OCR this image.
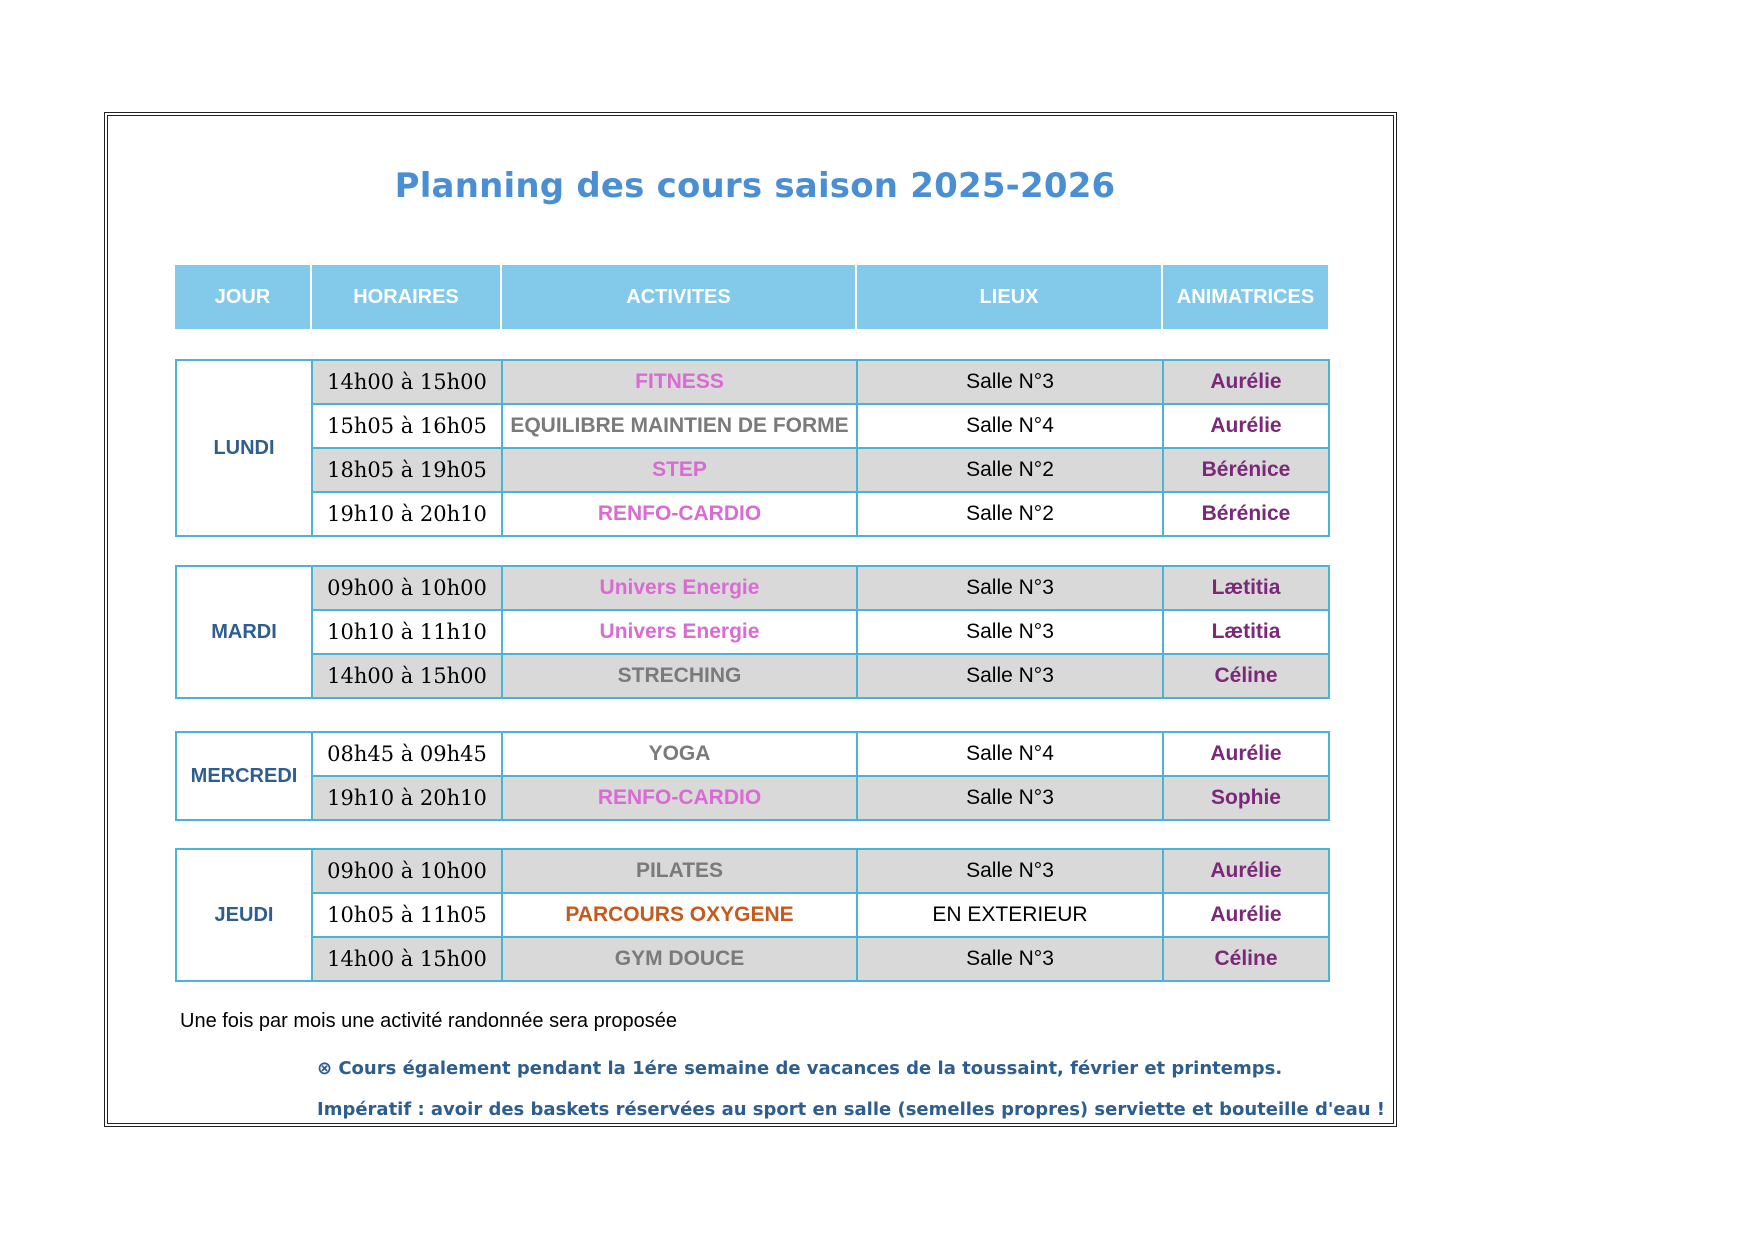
Planning des cours saison 2025-2026
JOUR	HORAIRES	ACTIVITES	LIEUX	ANIMATRICES
LUNDI	14h00 à 15h00	FITNESS	Salle N°3	Aurélie
	15h05 à 16h05	EQUILIBRE MAINTIEN DE FORME	Salle N°4	Aurélie
	18h05 à 19h05	STEP	Salle N°2	Bérénice
	19h10 à 20h10	RENFO-CARDIO	Salle N°2	Bérénice
MARDI	09h00 à 10h00	Univers Energie	Salle N°3	Lætitia
	10h10 à 11h10	Univers Energie	Salle N°3	Lætitia
	14h00 à 15h00	STRECHING	Salle N°3	Céline
MERCREDI	08h45 à 09h45	YOGA	Salle N°4	Aurélie
	19h10 à 20h10	RENFO-CARDIO	Salle N°3	Sophie
JEUDI	09h00 à 10h00	PILATES	Salle N°3	Aurélie
	10h05 à 11h05	PARCOURS OXYGENE	EN EXTERIEUR	Aurélie
	14h00 à 15h00	GYM DOUCE	Salle N°3	Céline
Une fois par mois une activité randonnée sera proposée
⊗ Cours également pendant la 1ére semaine de vacances de la toussaint, février et printemps.
Impératif : avoir des baskets réservées au sport en salle (semelles propres) serviette et bouteille d'eau !
